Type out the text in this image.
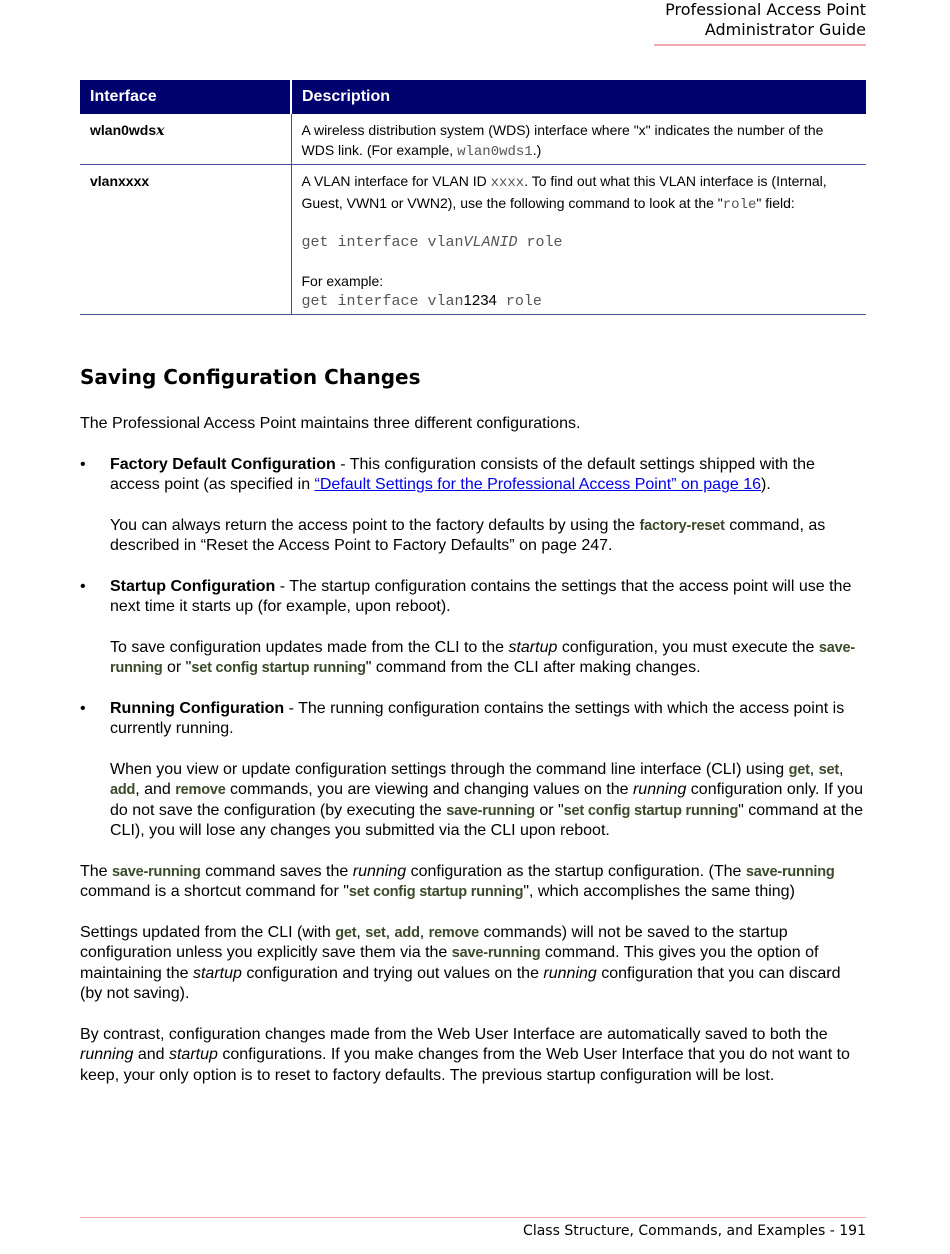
Professional Access Point
Administrator Guide
Interface	Description
wlan0wdsx	A wireless distribution system (WDS) interface where "x" indicates the number of the WDS link. (For example, wlan0wds1.)
vlanxxxx	A VLAN interface for VLAN ID xxxx. To find out what this VLAN interface is (Internal, Guest, VWN1 or VWN2), use the following command to look at the "role" field:
get interface vlanVLANID role
For example:
get interface vlan1234 role
Saving Configuration Changes

The Professional Access Point maintains three different configurations.

• Factory Default Configuration - This configuration consists of the default settings shipped with the access point (as specified in “Default Settings for the Professional Access Point” on page 16).

You can always return the access point to the factory defaults by using the factory-reset command, as described in “Reset the Access Point to Factory Defaults” on page 247.

• Startup Configuration - The startup configuration contains the settings that the access point will use the next time it starts up (for example, upon reboot).

To save configuration updates made from the CLI to the startup configuration, you must execute the save-running or "set config startup running" command from the CLI after making changes.

• Running Configuration - The running configuration contains the settings with which the access point is currently running.

When you view or update configuration settings through the command line interface (CLI) using get, set, add, and remove commands, you are viewing and changing values on the running configuration only. If you do not save the configuration (by executing the save-running or "set config startup running" command at the CLI), you will lose any changes you submitted via the CLI upon reboot.

The save-running command saves the running configuration as the startup configuration. (The save-running command is a shortcut command for "set config startup running", which accomplishes the same thing)

Settings updated from the CLI (with get, set, add, remove commands) will not be saved to the startup configuration unless you explicitly save them via the save-running command. This gives you the option of maintaining the startup configuration and trying out values on the running configuration that you can discard (by not saving).

By contrast, configuration changes made from the Web User Interface are automatically saved to both the running and startup configurations. If you make changes from the Web User Interface that you do not want to keep, your only option is to reset to factory defaults. The previous startup configuration will be lost.

Class Structure, Commands, and Examples - 191
